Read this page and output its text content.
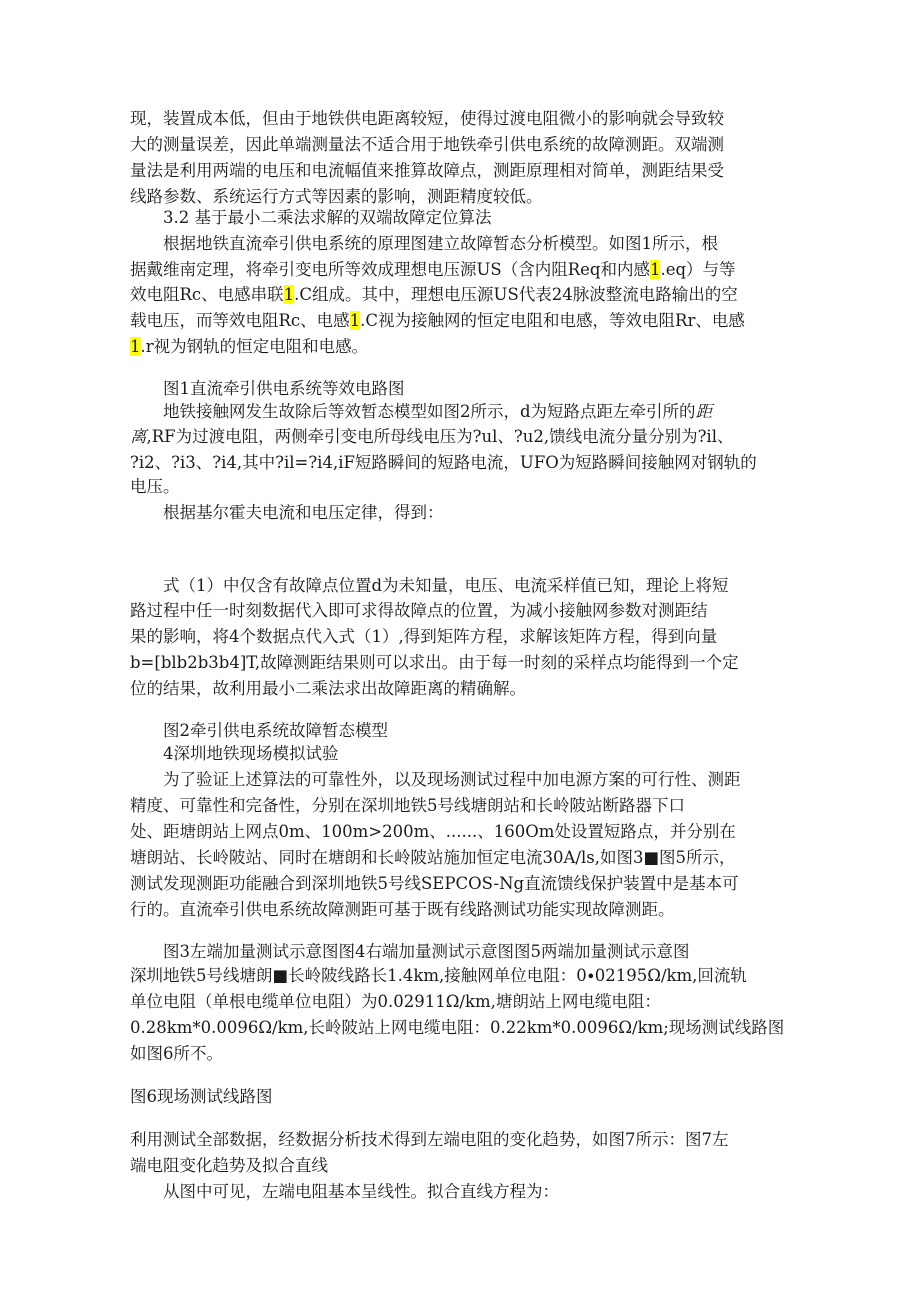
现，装置成本低，但由于地铁供电距离较短，使得过渡电阻微小的影响就会导致较
大的测量误差，因此单端测量法不适合用于地铁牵引供电系统的故障测距。双端测
量法是利用两端的电压和电流幅值来推算故障点，测距原理相对简单，测距结果受
线路参数、系统运行方式等因素的影响，测距精度较低。
3.2 基于最小二乘法求解的双端故障定位算法
根据地铁直流牵引供电系统的原理图建立故障暂态分析模型。如图1所示，根
据戴维南定理，将牵引变电所等效成理想电压源US（含内阻Req和内感1.eq）与等
效电阻Rc、电感串联1.C组成。其中，理想电压源US代表24脉波整流电路输出的空
载电压，而等效电阻Rc、电感1.C视为接触网的恒定电阻和电感，等效电阻Rr、电感
1.r视为钢轨的恒定电阻和电感。
图1直流牵引供电系统等效电路图
地铁接触网发生故除后等效暂态模型如图2所示，d为短路点距左牵引所的距
离,RF为过渡电阻，两侧牵引变电所母线电压为?ul、?u2,馈线电流分量分别为?il、
?i2、?i3、?i4,其中?il=?i4,iF短路瞬间的短路电流，UFO为短路瞬间接触网对钢轨的
电压。
根据基尔霍夫电流和电压定律，得到：
式（1）中仅含有故障点位置d为未知量，电压、电流采样值已知，理论上将短
路过程中任一时刻数据代入即可求得故障点的位置，为减小接触网参数对测距结
果的影响，将4个数据点代入式（1）,得到矩阵方程，求解该矩阵方程，得到向量
b=[blb2b3b4]T,故障测距结果则可以求出。由于每一时刻的采样点均能得到一个定
位的结果，故利用最小二乘法求出故障距离的精确解。
图2牵引供电系统故障暂态模型
4深圳地铁现场模拟试验
为了验证上述算法的可靠性外，以及现场测试过程中加电源方案的可行性、测距
精度、可靠性和完备性，分别在深圳地铁5号线塘朗站和长岭陂站断路器下口
处、距塘朗站上网点0m、100m>200m、......、160Om处设置短路点，并分别在
塘朗站、长岭陂站、同时在塘朗和长岭陂站施加恒定电流30A∕ls,如图3■图5所示，
测试发现测距功能融合到深圳地铁5号线SEPCOS-Ng直流馈线保护装置中是基本可
行的。直流牵引供电系统故障测距可基于既有线路测试功能实现故障测距。
图3左端加量测试示意图图4右端加量测试示意图图5两端加量测试示意图
深圳地铁5号线塘朗■长岭陂线路长1.4km,接触网单位电阻：0∙02195Ω∕km,回流轨
单位电阻（单根电缆单位电阻）为0.02911Ω∕km,塘朗站上网电缆电阻：
0.28km*0.0096Ω∕km,长岭陂站上网电缆电阻：0.22km*0.0096Ω∕km;现场测试线路图
如图6所不。
图6现场测试线路图
利用测试全部数据，经数据分析技术得到左端电阻的变化趋势，如图7所示：图7左
端电阻变化趋势及拟合直线
从图中可见，左端电阻基本呈线性。拟合直线方程为：
